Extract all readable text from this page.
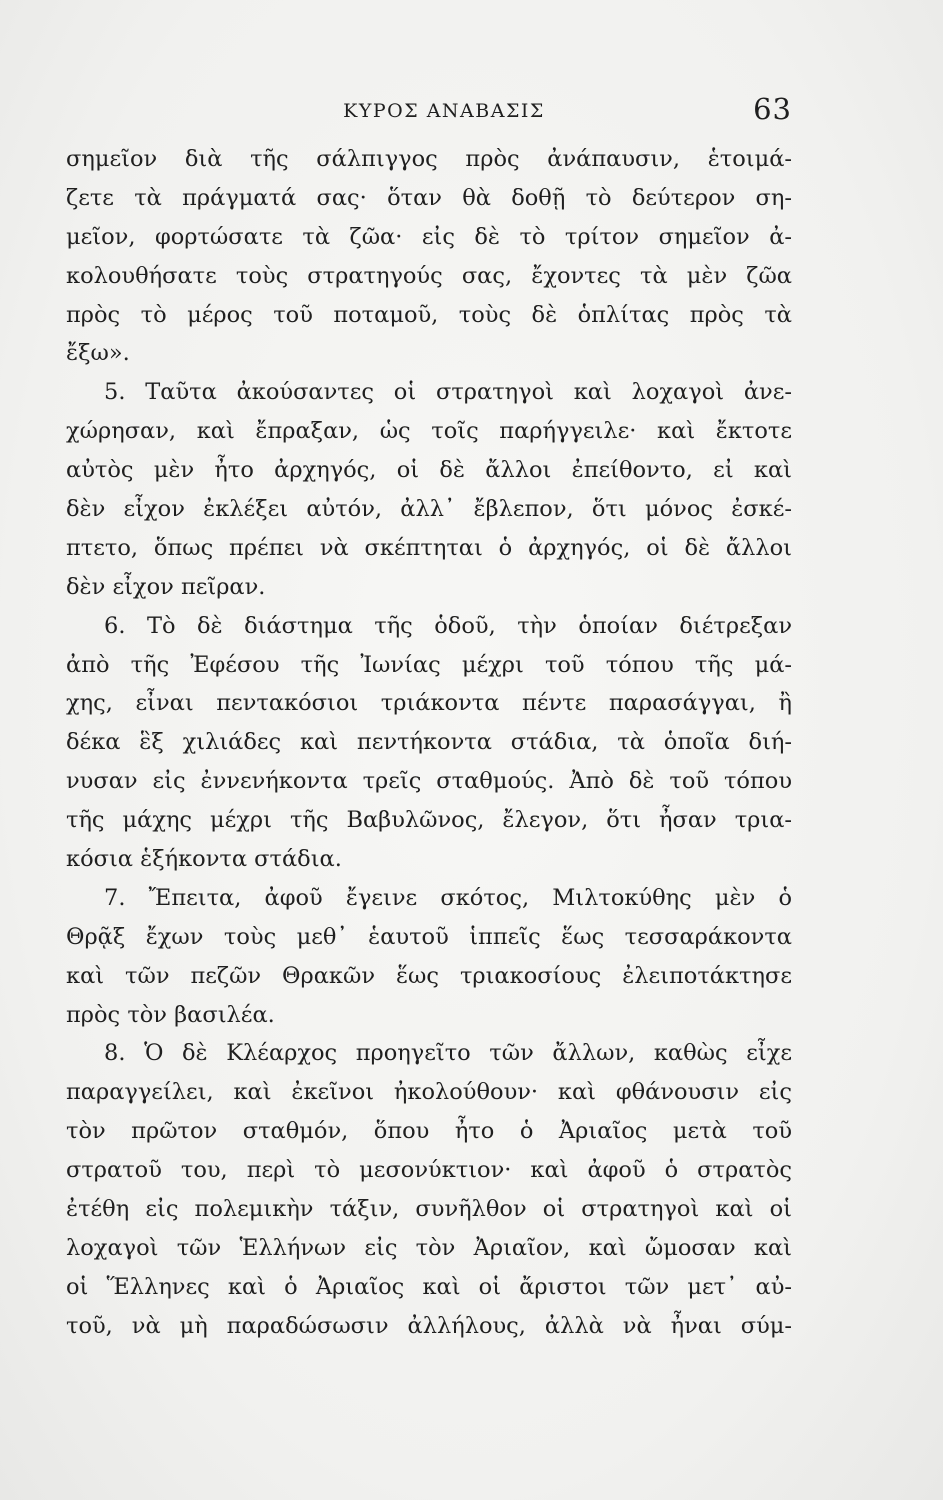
ΚΥΡΟΣ ΑΝΑΒΑΣΙΣ	63
σημεῖον διὰ τῆς σάλπιγγος πρὸς ἀνάπαυσιν, ἑτοιμά-
ζετε τὰ πράγματά σας· ὅταν θὰ δοθῇ τὸ δεύτερον ση-
μεῖον, φορτώσατε τὰ ζῶα· εἰς δὲ τὸ τρίτον σημεῖον ἀ-
κολουθήσατε τοὺς στρατηγούς σας, ἔχοντες τὰ μὲν ζῶα
πρὸς τὸ μέρος τοῦ ποταμοῦ, τοὺς δὲ ὁπλίτας πρὸς τὰ
ἔξω».
5. Ταῦτα ἀκούσαντες οἱ στρατηγοὶ καὶ λοχαγοὶ ἀνε-
χώρησαν, καὶ ἔπραξαν, ὡς τοῖς παρήγγειλε· καὶ ἔκτοτε
αὐτὸς μὲν ἦτο ἀρχηγός, οἱ δὲ ἄλλοι ἐπείθοντο, εἰ καὶ
δὲν εἶχον ἐκλέξει αὐτόν, ἀλλ᾽ ἔβλεπον, ὅτι μόνος ἐσκέ-
πτετο, ὅπως πρέπει νὰ σκέπτηται ὁ ἀρχηγός, οἱ δὲ ἄλλοι
δὲν εἶχον πεῖραν.
6. Τὸ δὲ διάστημα τῆς ὁδοῦ, τὴν ὁποίαν διέτρεξαν
ἀπὸ τῆς Ἐφέσου τῆς Ἰωνίας μέχρι τοῦ τόπου τῆς μά-
χης, εἶναι πεντακόσιοι τριάκοντα πέντε παρασάγγαι, ἢ
δέκα ἓξ χιλιάδες καὶ πεντήκοντα στάδια, τὰ ὁποῖα διή-
νυσαν εἰς ἐννενήκοντα τρεῖς σταθμούς. Ἀπὸ δὲ τοῦ τόπου
τῆς μάχης μέχρι τῆς Βαβυλῶνος, ἔλεγον, ὅτι ἦσαν τρια-
κόσια ἑξήκοντα στάδια.
7. Ἔπειτα, ἀφοῦ ἔγεινε σκότος, Μιλτοκύθης μὲν ὁ
Θρᾷξ ἔχων τοὺς μεθ᾽ ἑαυτοῦ ἱππεῖς ἕως τεσσαράκοντα
καὶ τῶν πεζῶν Θρακῶν ἕως τριακοσίους ἐλειποτάκτησε
πρὸς τὸν βασιλέα.
8. Ὁ δὲ Κλέαρχος προηγεῖτο τῶν ἄλλων, καθὼς εἶχε
παραγγείλει, καὶ ἐκεῖνοι ἠκολούθουν· καὶ φθάνουσιν εἰς
τὸν πρῶτον σταθμόν, ὅπου ἦτο ὁ Ἀριαῖος μετὰ τοῦ
στρατοῦ του, περὶ τὸ μεσονύκτιον· καὶ ἀφοῦ ὁ στρατὸς
ἐτέθη εἰς πολεμικὴν τάξιν, συνῆλθον οἱ στρατηγοὶ καὶ οἱ
λοχαγοὶ τῶν Ἑλλήνων εἰς τὸν Ἀριαῖον, καὶ ὤμοσαν καὶ
οἱ Ἕλληνες καὶ ὁ Ἀριαῖος καὶ οἱ ἄριστοι τῶν μετ᾽ αὐ-
τοῦ, νὰ μὴ παραδώσωσιν ἀλλήλους, ἀλλὰ νὰ ἦναι σύμ-
